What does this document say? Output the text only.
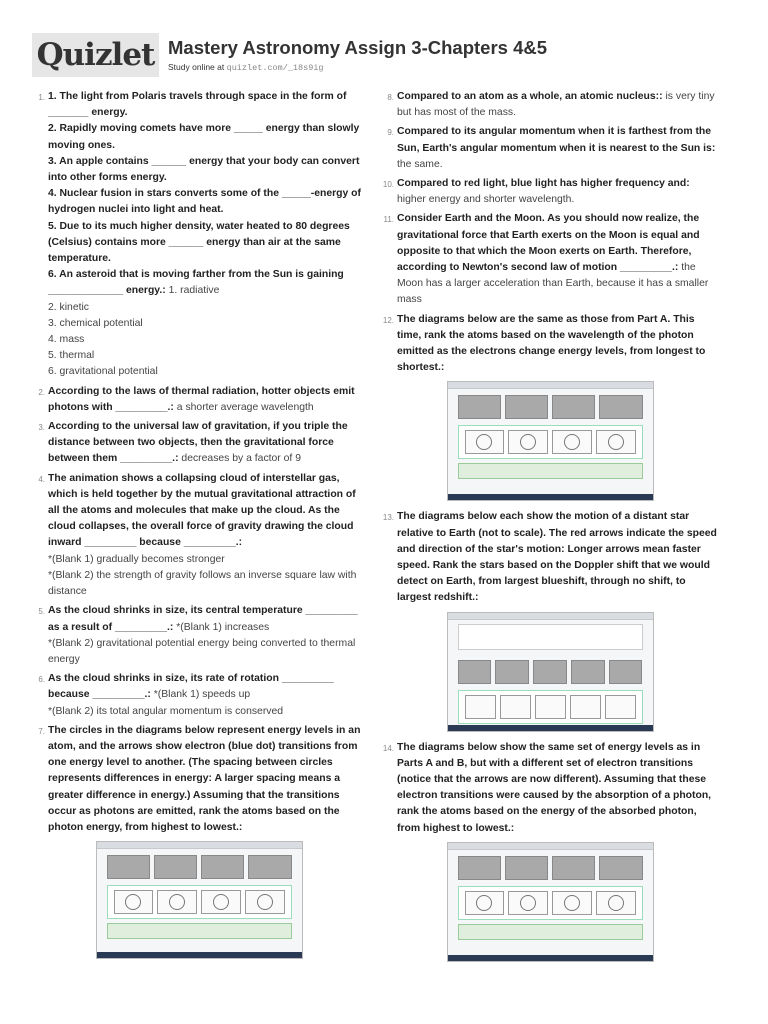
Quizlet Mastery Astronomy Assign 3-Chapters 4&5
Study online at quizlet.com/_18s9ig
1. 1. The light from Polaris travels through space in the form of _______ energy.
2. Rapidly moving comets have more _____ energy than slowly moving ones.
3. An apple contains ______ energy that your body can convert into other forms energy.
4. Nuclear fusion in stars converts some of the _____-energy of hydrogen nuclei into light and heat.
5. Due to its much higher density, water heated to 80 degrees (Celsius) contains more ______ energy than air at the same temperature.
6. An asteroid that is moving farther from the Sun is gaining _____________ energy.: 1. radiative
2. kinetic
3. chemical potential
4. mass
5. thermal
6. gravitational potential
2. According to the laws of thermal radiation, hotter objects emit photons with _________.: a shorter average wavelength
3. According to the universal law of gravitation, if you triple the distance between two objects, then the gravitational force between them _________.: decreases by a factor of 9
4. The animation shows a collapsing cloud of interstellar gas, which is held together by the mutual gravitational attraction of all the atoms and molecules that make up the cloud. As the cloud collapses, the overall force of gravity drawing the cloud inward _________ because _________.:
*(Blank 1) gradually becomes stronger
*(Blank 2) the strength of gravity follows an inverse square law with distance
5. As the cloud shrinks in size, its central temperature _________ as a result of _________.: *(Blank 1) increases
*(Blank 2) gravitational potential energy being converted to thermal energy
6. As the cloud shrinks in size, its rate of rotation _________ because _________.: *(Blank 1) speeds up
*(Blank 2) its total angular momentum is conserved
7. The circles in the diagrams below represent energy levels in an atom, and the arrows show electron (blue dot) transitions from one energy level to another. (The spacing between circles represents differences in energy: A larger spacing means a greater difference in energy.) Assuming that the transitions occur as photons are emitted, rank the atoms based on the photon energy, from highest to lowest.:
8. Compared to an atom as a whole, an atomic nucleus:: is very tiny but has most of the mass.
9. Compared to its angular momentum when it is farthest from the Sun, Earth's angular momentum when it is nearest to the Sun is: the same.
10. Compared to red light, blue light has higher frequency and: higher energy and shorter wavelength.
11. Consider Earth and the Moon. As you should now realize, the gravitational force that Earth exerts on the Moon is equal and opposite to that which the Moon exerts on Earth. Therefore, according to Newton's second law of motion _________.: the Moon has a larger acceleration than Earth, because it has a smaller mass
12. The diagrams below are the same as those from Part A. This time, rank the atoms based on the wavelength of the photon emitted as the electrons change energy levels, from longest to shortest.:
13. The diagrams below each show the motion of a distant star relative to Earth (not to scale). The red arrows indicate the speed and direction of the star's motion: Longer arrows mean faster speed. Rank the stars based on the Doppler shift that we would detect on Earth, from largest blueshift, through no shift, to largest redshift.:
14. The diagrams below show the same set of energy levels as in Parts A and B, but with a different set of electron transitions (notice that the arrows are now different). Assuming that these electron transitions were caused by the absorption of a photon, rank the atoms based on the energy of the absorbed photon, from highest to lowest.:
